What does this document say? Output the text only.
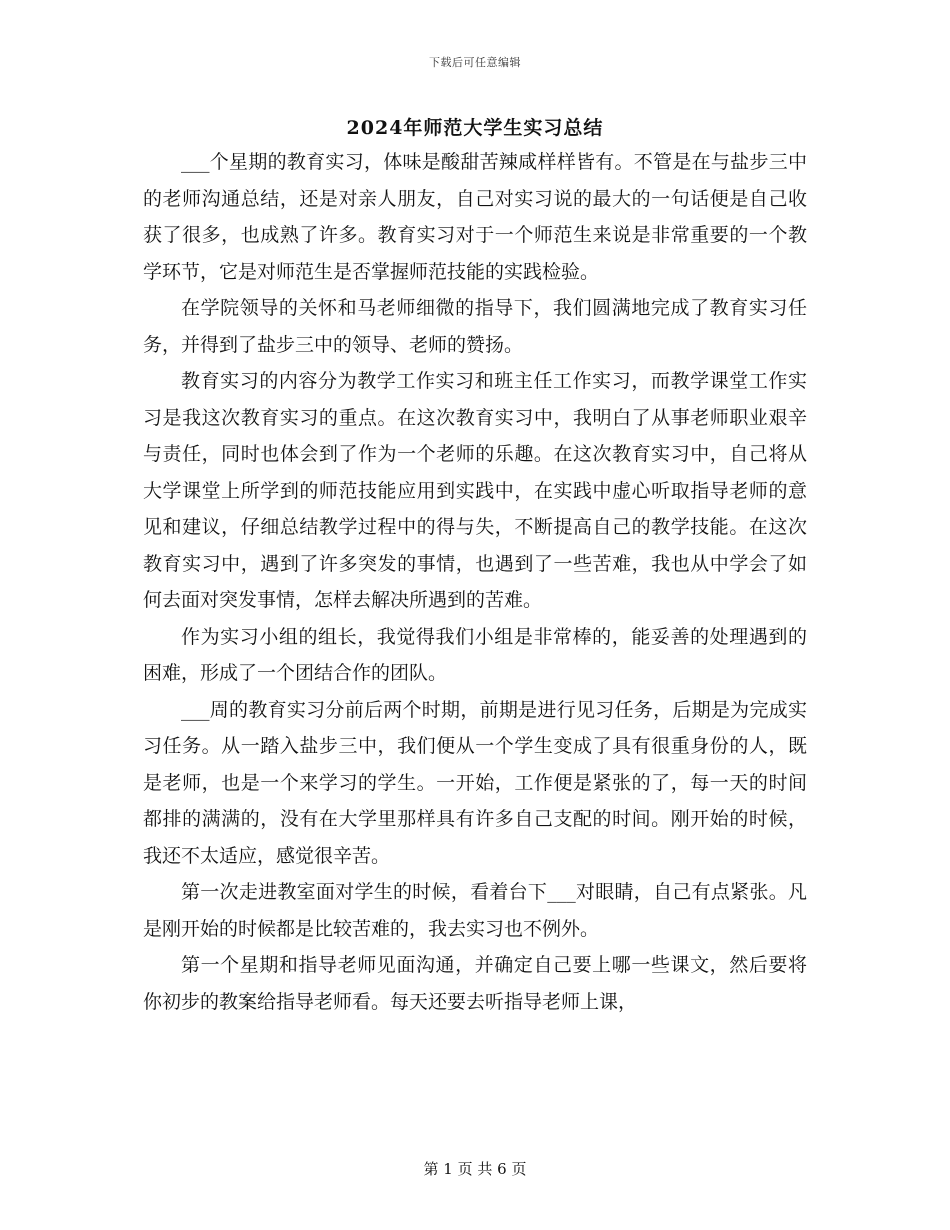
下载后可任意编辑
2024年师范大学生实习总结

___个星期的教育实习，体味是酸甜苦辣咸样样皆有。不管是在与盐步三中的老师沟通总结，还是对亲人朋友，自己对实习说的最大的一句话便是自己收获了很多，也成熟了许多。教育实习对于一个师范生来说是非常重要的一个教学环节，它是对师范生是否掌握师范技能的实践检验。

在学院领导的关怀和马老师细微的指导下，我们圆满地完成了教育实习任务，并得到了盐步三中的领导、老师的赞扬。

教育实习的内容分为教学工作实习和班主任工作实习，而教学课堂工作实习是我这次教育实习的重点。在这次教育实习中，我明白了从事老师职业艰辛与责任，同时也体会到了作为一个老师的乐趣。在这次教育实习中，自己将从大学课堂上所学到的师范技能应用到实践中，在实践中虚心听取指导老师的意见和建议，仔细总结教学过程中的得与失，不断提高自己的教学技能。在这次教育实习中，遇到了许多突发的事情，也遇到了一些苦难，我也从中学会了如何去面对突发事情，怎样去解决所遇到的苦难。

作为实习小组的组长，我觉得我们小组是非常棒的，能妥善的处理遇到的困难，形成了一个团结合作的团队。

___周的教育实习分前后两个时期，前期是进行见习任务，后期是为完成实习任务。从一踏入盐步三中，我们便从一个学生变成了具有很重身份的人，既是老师，也是一个来学习的学生。一开始，工作便是紧张的了，每一天的时间都排的满满的，没有在大学里那样具有许多自己支配的时间。刚开始的时候，我还不太适应，感觉很辛苦。

第一次走进教室面对学生的时候，看着台下___对眼睛，自己有点紧张。凡是刚开始的时候都是比较苦难的，我去实习也不例外。

第一个星期和指导老师见面沟通，并确定自己要上哪一些课文，然后要将你初步的教案给指导老师看。每天还要去听指导老师上课，

第 1 页 共 6 页
